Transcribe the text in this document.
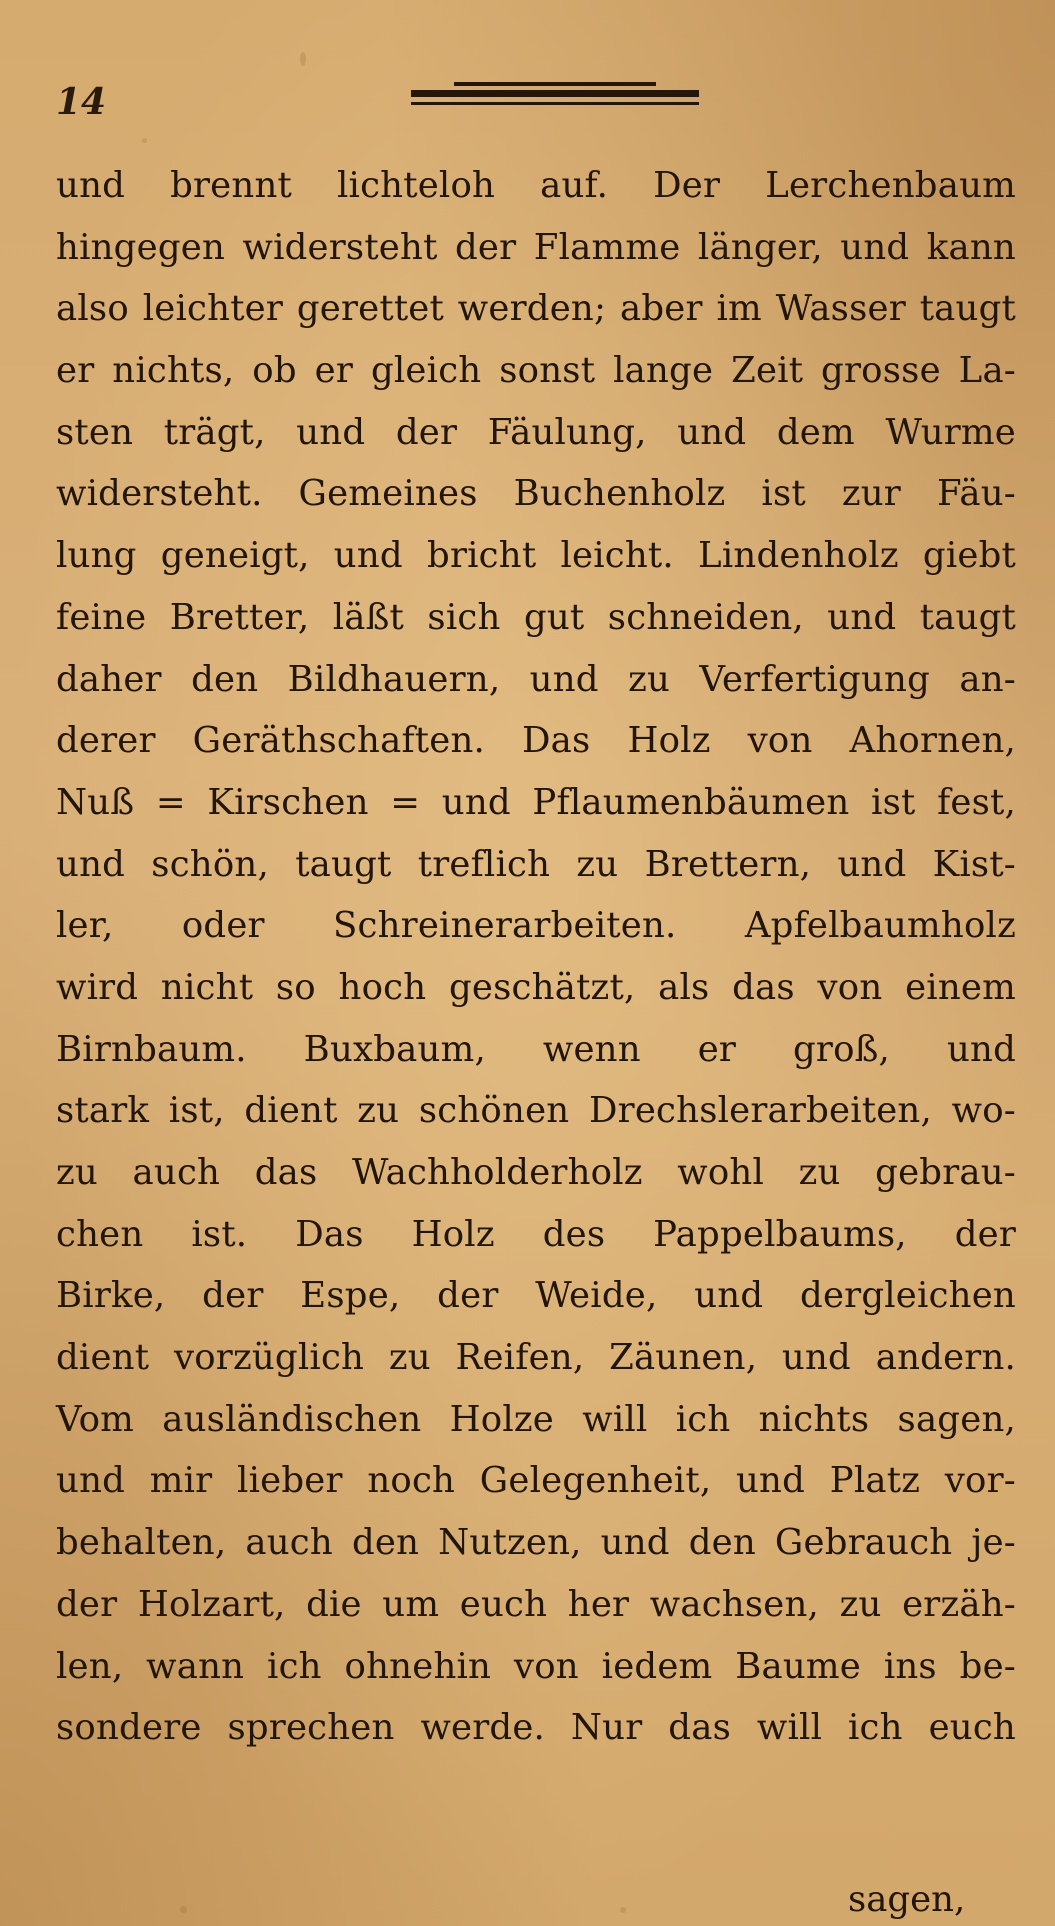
14
und brennt lichteloh auf. Der Lerchenbaum
hingegen widersteht der Flamme länger, und kann
also leichter gerettet werden; aber im Wasser taugt
er nichts, ob er gleich sonst lange Zeit grosse La-
sten trägt, und der Fäulung, und dem Wurme
widersteht. Gemeines Buchenholz ist zur Fäu-
lung geneigt, und bricht leicht. Lindenholz giebt
feine Bretter, läßt sich gut schneiden, und taugt
daher den Bildhauern, und zu Verfertigung an-
derer Geräthschaften. Das Holz von Ahornen,
Nuß = Kirschen = und Pflaumenbäumen ist fest,
und schön, taugt treflich zu Brettern, und Kist-
ler, oder Schreinerarbeiten. Apfelbaumholz
wird nicht so hoch geschätzt, als das von einem
Birnbaum. Buxbaum, wenn er groß, und
stark ist, dient zu schönen Drechslerarbeiten, wo-
zu auch das Wachholderholz wohl zu gebrau-
chen ist. Das Holz des Pappelbaums, der
Birke, der Espe, der Weide, und dergleichen
dient vorzüglich zu Reifen, Zäunen, und andern.
Vom ausländischen Holze will ich nichts sagen,
und mir lieber noch Gelegenheit, und Platz vor-
behalten, auch den Nutzen, und den Gebrauch je-
der Holzart, die um euch her wachsen, zu erzäh-
len, wann ich ohnehin von iedem Baume ins be-
sondere sprechen werde. Nur das will ich euch
sagen,
